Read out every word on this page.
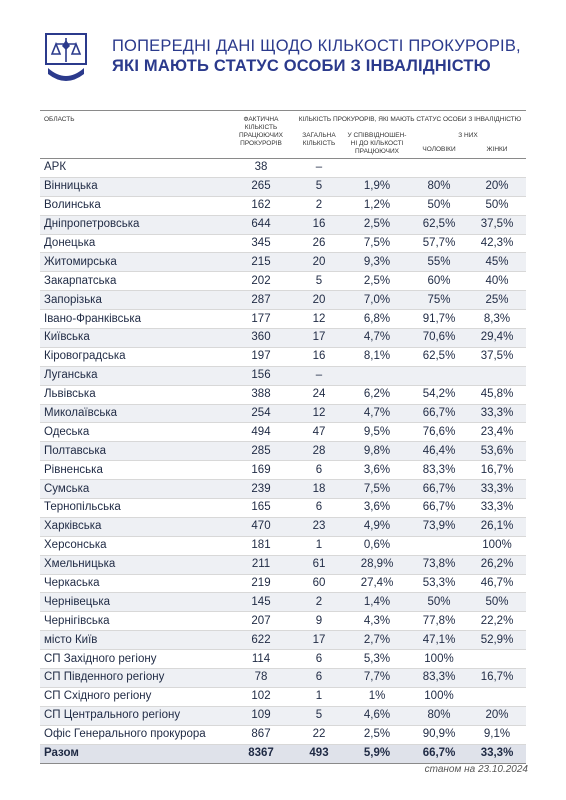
ПОПЕРЕДНІ ДАНІ ЩОДО КІЛЬКОСТІ ПРОКУРОРІВ,
ЯКІ МАЮТЬ СТАТУС ОСОБИ З ІНВАЛІДНІСТЮ
ОБЛАСТЬ	ФАКТИЧНА КІЛЬКІСТЬ ПРАЦЮЮЧИХ ПРОКУРОРІВ	КІЛЬКІСТЬ ПРОКУРОРІВ, ЯКІ МАЮТЬ СТАТУС ОСОБИ З ІНВАЛІДНІСТЮ			
		ЗАГАЛЬНА КІЛЬКІСТЬ	У СПІВВІДНОШЕН- НІ ДО КІЛЬКОСТІ ПРАЦЮЮЧИХ	З НИХ	
				ЧОЛОВІКИ	ЖІНКИ
АРК	38	–			
Вінницька	265	5	1,9%	80%	20%
Волинська	162	2	1,2%	50%	50%
Дніпропетровська	644	16	2,5%	62,5%	37,5%
Донецька	345	26	7,5%	57,7%	42,3%
Житомирська	215	20	9,3%	55%	45%
Закарпатська	202	5	2,5%	60%	40%
Запорізька	287	20	7,0%	75%	25%
Івано-Франківська	177	12	6,8%	91,7%	8,3%
Київська	360	17	4,7%	70,6%	29,4%
Кіровоградська	197	16	8,1%	62,5%	37,5%
Луганська	156	–			
Львівська	388	24	6,2%	54,2%	45,8%
Миколаївська	254	12	4,7%	66,7%	33,3%
Одеська	494	47	9,5%	76,6%	23,4%
Полтавська	285	28	9,8%	46,4%	53,6%
Рівненська	169	6	3,6%	83,3%	16,7%
Сумська	239	18	7,5%	66,7%	33,3%
Тернопільська	165	6	3,6%	66,7%	33,3%
Харківська	470	23	4,9%	73,9%	26,1%
Херсонська	181	1	0,6%		100%
Хмельницька	211	61	28,9%	73,8%	26,2%
Черкаська	219	60	27,4%	53,3%	46,7%
Чернівецька	145	2	1,4%	50%	50%
Чернігівська	207	9	4,3%	77,8%	22,2%
місто Київ	622	17	2,7%	47,1%	52,9%
СП Західного регіону	114	6	5,3%	100%	
СП Південного регіону	78	6	7,7%	83,3%	16,7%
СП Східного регіону	102	1	1%	100%	
СП Центрального регіону	109	5	4,6%	80%	20%
Офіс Генерального прокурора	867	22	2,5%	90,9%	9,1%
Разом	8367	493	5,9%	66,7%	33,3%
станом на 23.10.2024
